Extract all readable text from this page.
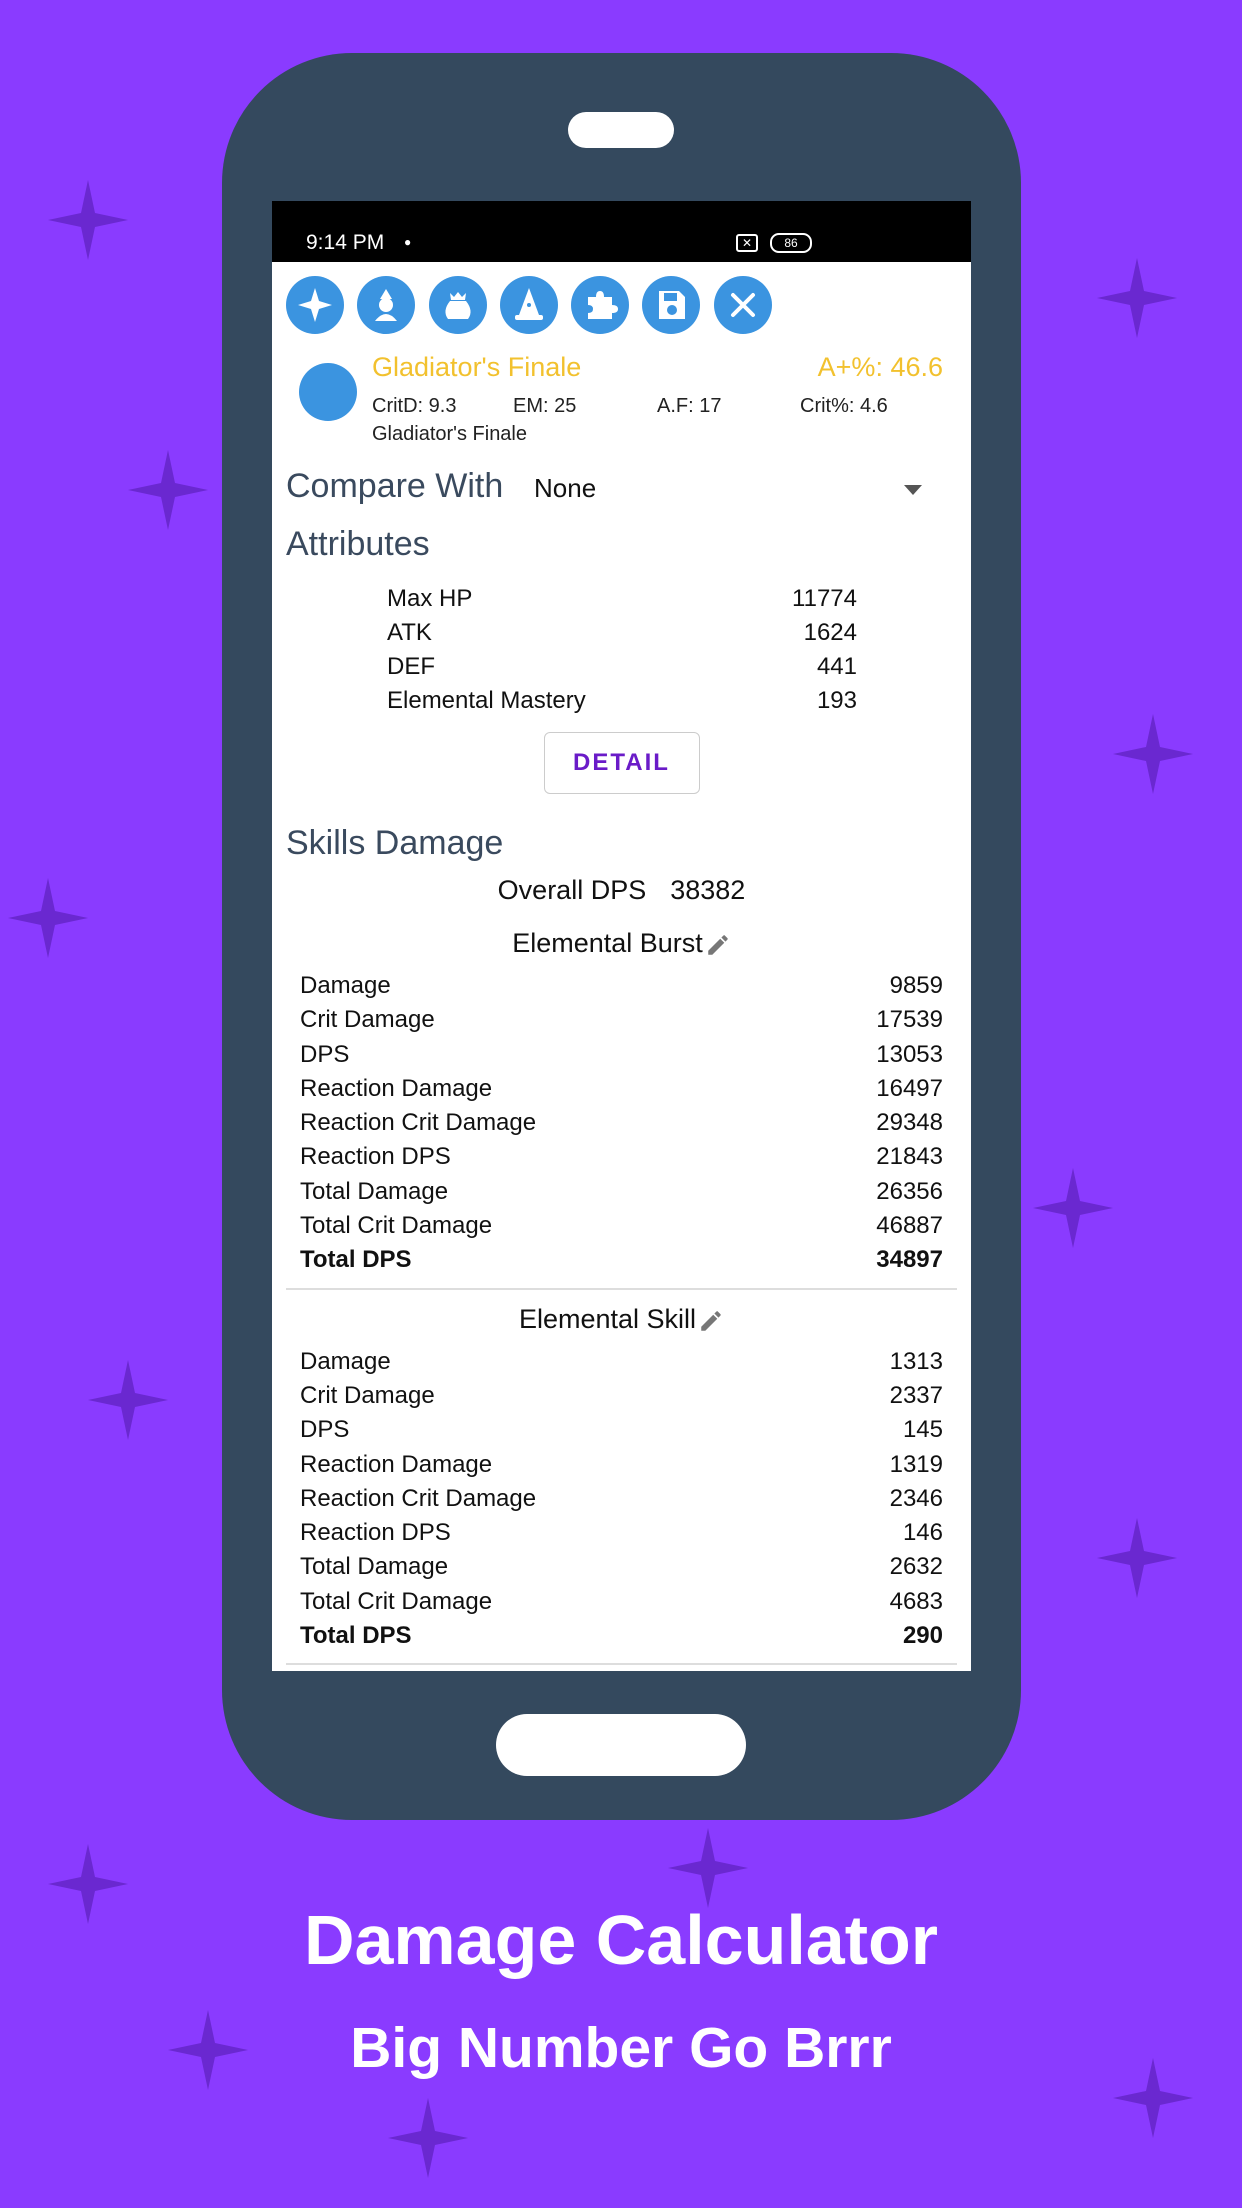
9:14 PM ●	✕	86
Gladiator's Finale	A+%: 46.6
CritD: 9.3	EM: 25	A.F: 17	Crit%: 4.6
Gladiator's Finale
Compare With None
Attributes
Max HP	11774
ATK	1624
DEF	441
Elemental Mastery	193
DETAIL
Skills Damage
Overall DPS 38382
Elemental Burst
Damage	9859
Crit Damage	17539
DPS	13053
Reaction Damage	16497
Reaction Crit Damage	29348
Reaction DPS	21843
Total Damage	26356
Total Crit Damage	46887
Total DPS	34897
Elemental Skill
Damage	1313
Crit Damage	2337
DPS	145
Reaction Damage	1319
Reaction Crit Damage	2346
Reaction DPS	146
Total Damage	2632
Total Crit Damage	4683
Total DPS	290
Damage Calculator
Big Number Go Brrr
